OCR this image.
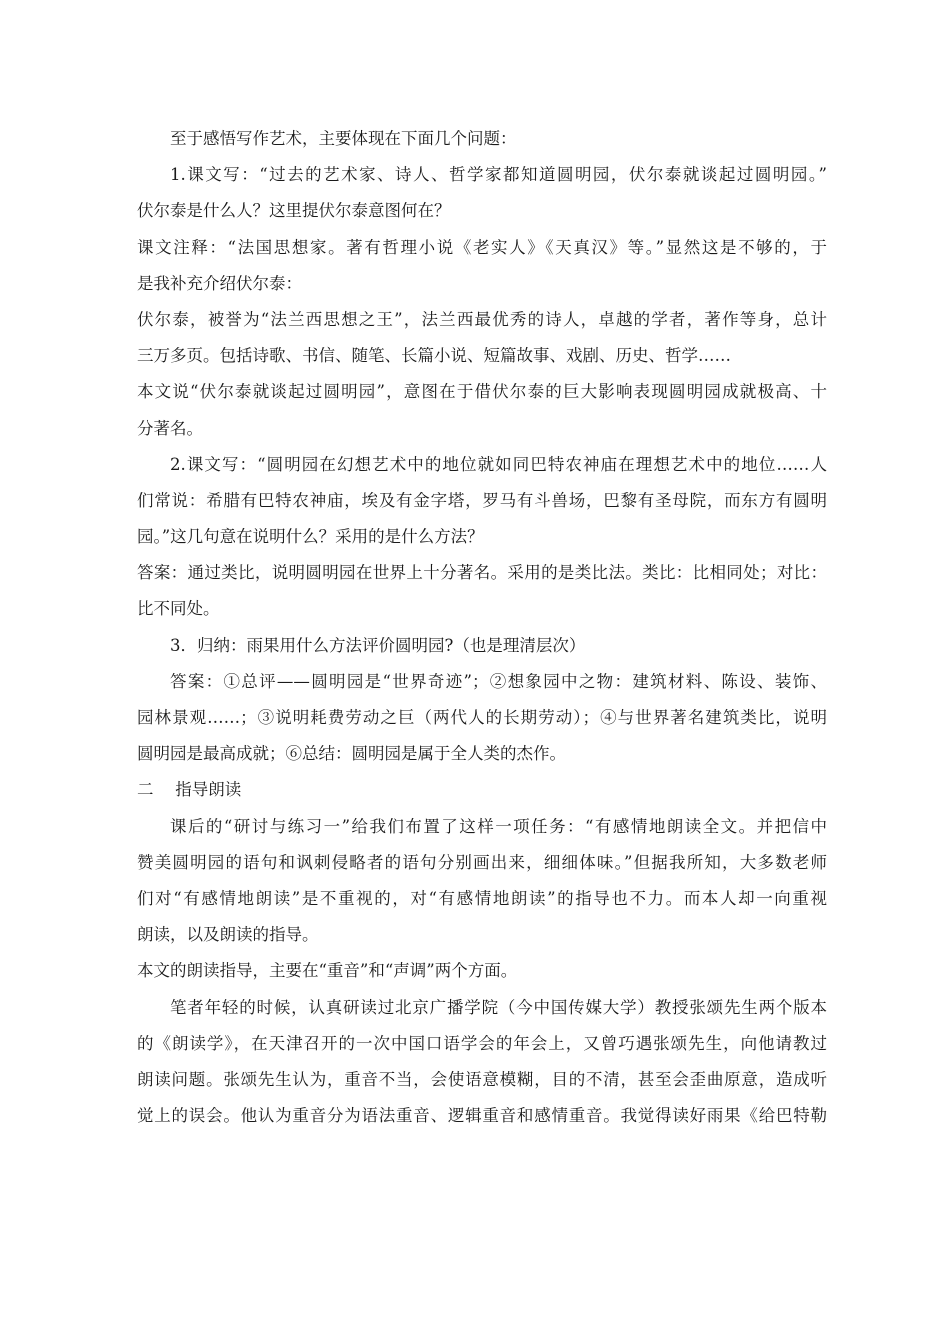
至于感悟写作艺术，主要体现在下面几个问题：
1.课文写：“过去的艺术家、诗人、哲学家都知道圆明园，伏尔泰就谈起过圆明园。”
伏尔泰是什么人？这里提伏尔泰意图何在？
课文注释：“法国思想家。著有哲理小说《老实人》《天真汉》等。”显然这是不够的，于
是我补充介绍伏尔泰：
伏尔泰，被誉为“法兰西思想之王”，法兰西最优秀的诗人，卓越的学者，著作等身，总计
三万多页。包括诗歌、书信、随笔、长篇小说、短篇故事、戏剧、历史、哲学……
本文说“伏尔泰就谈起过圆明园”，意图在于借伏尔泰的巨大影响表现圆明园成就极高、十
分著名。
2.课文写：“圆明园在幻想艺术中的地位就如同巴特农神庙在理想艺术中的地位……人
们常说：希腊有巴特农神庙，埃及有金字塔，罗马有斗兽场，巴黎有圣母院，而东方有圆明
园。”这几句意在说明什么？采用的是什么方法？
答案：通过类比，说明圆明园在世界上十分著名。采用的是类比法。类比：比相同处；对比：
比不同处。
3．归纳：雨果用什么方法评价圆明园?（也是理清层次）
答案：①总评——圆明园是“世界奇迹”；②想象园中之物：建筑材料、陈设、装饰、
园林景观……；③说明耗费劳动之巨（两代人的长期劳动）；④与世界著名建筑类比，说明
圆明园是最高成就；⑥总结：圆明园是属于全人类的杰作。
二　 指导朗读
课后的“研讨与练习一”给我们布置了这样一项任务：“有感情地朗读全文。并把信中
赞美圆明园的语句和讽刺侵略者的语句分别画出来，细细体味。”但据我所知，大多数老师
们对“有感情地朗读”是不重视的，对“有感情地朗读”的指导也不力。而本人却一向重视
朗读，以及朗读的指导。
本文的朗读指导，主要在“重音”和“声调”两个方面。
笔者年轻的时候，认真研读过北京广播学院（今中国传媒大学）教授张颂先生两个版本
的《朗读学》，在天津召开的一次中国口语学会的年会上，又曾巧遇张颂先生，向他请教过
朗读问题。张颂先生认为，重音不当，会使语意模糊，目的不清，甚至会歪曲原意，造成听
觉上的误会。他认为重音分为语法重音、逻辑重音和感情重音。我觉得读好雨果《给巴特勒
